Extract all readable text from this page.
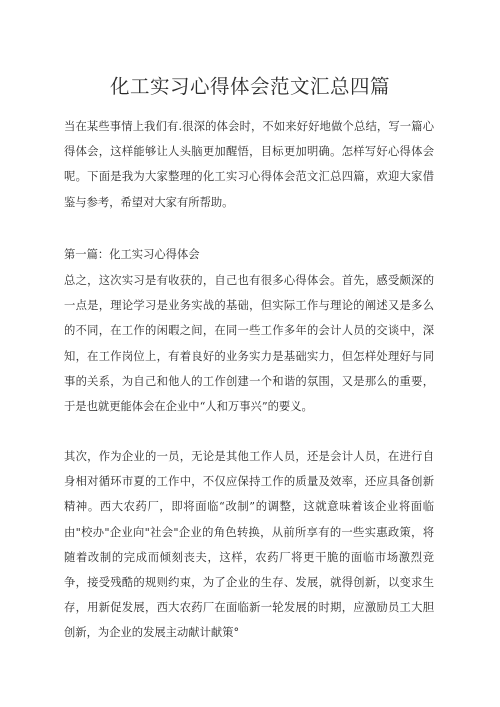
化工实习心得体会范文汇总四篇

当在某些事情上我们有.很深的体会时，不如来好好地做个总结，写一篇心得体会，这样能够让人头脑更加醒悟，目标更加明确。怎样写好心得体会呢。下面是我为大家整理的化工实习心得体会范文汇总四篇，欢迎大家借鉴与参考，希望对大家有所帮助。

第一篇：化工实习心得体会

总之，这次实习是有收获的，自己也有很多心得体会。首先，感受颇深的一点是，理论学习是业务实战的基础，但实际工作与理论的阐述又是多么的不同，在工作的闲暇之间，在同一些工作多年的会计人员的交谈中，深知，在工作岗位上，有着良好的业务实力是基础实力，但怎样处理好与同事的关系，为自己和他人的工作创建一个和谐的氛围，又是那么的重要，于是也就更能体会在企业中“人和万事兴”的要义。

其次，作为企业的一员，无论是其他工作人员，还是会计人员，在进行自身相对循环市夏的工作中，不仅应保持工作的质量及效率，还应具备创新精神。西大农药厂，即将面临“改制”的调整，这就意味着该企业将面临由"校办"企业向"社会"企业的角色转换，从前所享有的一些实惠政策，将随着改制的完成而倾刻丧夫，这样，农药厂将更干脆的面临市场激烈竞争，接受残酷的规则约束，为了企业的生存、发展，就得创新，以变求生存，用新促发展，西大农药厂在面临新一轮发展的时期，应激励员工大胆创新，为企业的发展主动献计献策°
